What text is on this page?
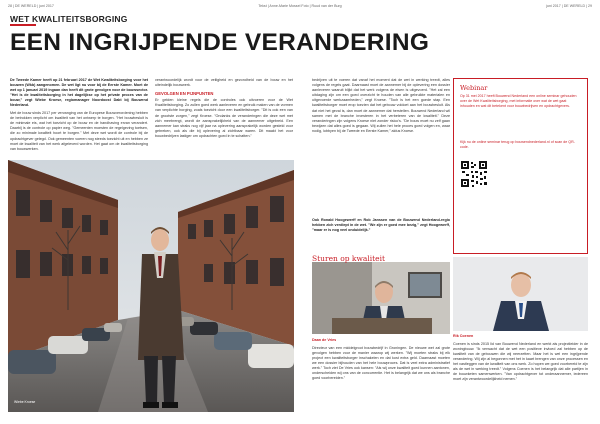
28 | DE WERELD | juni 2017	Tekst | Anne-Marie Mossel Foto | Ruud van der Burg	juni 2017 | DE WERELD | 29
WET KWALITEITSBORGING
EEN INGRIJPENDE VERANDERING

De Tweede Kamer heeft op 21 februari 2017 de Wet Kwaliteitsborging voor het bouwen (Wkb) aangenomen. De wet ligt nu voor bij de Eerste Kamer. Moet de wet op 1 januari 2019 ingaan dan heeft dit grote gevolgen voor de bouwsector. "Het is de kwaliteitsborging in het dagelijkse op het private proces van de bouw," zegt Wiebe Kroese, regiomanager Noordoost Dakt bij Bouwend Nederland.

Met de bouw sinds 2017 per vervanging van de Europese Bouwverordening hebben de betrokken verplicht om kwaliteit van het ontwerp te borgen. "Het bouwbesluit is de minimale eis, wat het toezicht op de bouw en de handhaving ervan verandert. Daarbij is de controle op papier weg. "Gemeenten moesten de regelgeving toetsen, die zo minimale kwaliteit hoort te borgen." Met deze wet wordt de controle bij de opdrachtgever gelegd. Ook gemeenten voeren nog steeds toezicht uit en hebben ze moet de kwaliteit van het werk afgeleverd worden. Het gaat om de kwaliteitsborging van bouwwerken.

verantwoordelijk wordt voor de veiligheid en gezondheid van de bouw en het uiteindelijk bouwwerk.

GEVOLGEN EN PIJNPUNTEN

Er gelden kleine regels die de controles ook uitvoeren voor de Wet Kwaliteitsborging. Zo zullen goed werk aanleveren en gebruik maken van de vormen van verplichte borging, zoals toezicht door een kwaliteitsborger. "Dit is ook een van de grootste zorgen," zegt Kroese. "Ondanks de veranderingen die deze wet met zich meebrengt, wordt de aansprakelijkheid van de aannemer uitgebreid. Een aannemer kan straks nog vijf jaar na oplevering aansprakelijk worden gesteld voor gebreken, ook als die bij oplevering al zichtbaar waren. Dit maakt het voor bouwbedrijven lastiger om opdrachten goed in te schatten."

bedrijven uit te voeren dat vanaf het moment dat de wet in werking treedt, alles volgens de regels gaat. Daarnaast moet de aannemer bij de oplevering een dossier aanleveren waaruit blijkt dat het werk volgens de eisen is uitgevoerd. "Het zal een uitdaging zijn om een goed overzicht te houden van alle gebruikte materialen en uitgevoerde werkzaamheden," zegt Kroese. "Toch is het een goede stap. Een kwaliteitsborger moet erop toezien dat het gebouw voldoet aan het bouwbesluit. Als dat niet het geval is, dan moet de aannemer dat herstellen. Bouwend Nederland wil samen met de branche investeren in het verbeteren van de kwaliteit." Deze veranderingen zijn volgens Kroese niet zonder risico's. "De bouw moet nu zelf gaan bewijzen dat alles goed is gegaan. Wij zullen het hele proces goed volgen en, waar nodig, lobbyen bij de Tweede en Eerste Kamer," aldus Kroese.

Wiebe Kroese
Webinar
Op 31 mei 2017 heeft Bouwend Nederland een online seminar gehouden over de Wet Kwaliteitsborging, met informatie over wat de wet gaat inhouden en wat dit betekent voor bouwbedrijven en opdrachtgevers.
Kijk nu de online seminar terug op bouwendnederland.nl of scan de QR-code.
Sturen op kwaliteit

Daan de Vries

Directeur van een middelgroot bouwbedrijf in Groningen. De nieuwe wet zal grote gevolgen hebben voor de manier waarop wij werken. "Wij moeten straks bij elk project een kwaliteitsborger inschakelen en dat kost extra geld. Daarnaast moeten we een dossier bijhouden van het hele bouwproces. Dat is veel extra administratief werk." Toch ziet De Vries ook kansen: "Als wij onze kwaliteit goed kunnen aantonen, onderscheiden wij ons van de concurrentie. Het is belangrijk dat we ons als branche goed voorbereiden."

Ook Ronald Hoogewerff en Rob Janssen van de Bouwend Nederland-regio hebben zich verdiept in de wet. "We zijn er goed mee bezig," zegt Hoogewerff, "maar er is nog veel onduidelijk."

Rik Coenen

Coenen is sinds 2015 lid van Bouwend Nederland en werkt als projectleider in de woningbouw. "Ik verwacht dat de wet een positieve invloed zal hebben op de kwaliteit van de gebouwen die wij neerzetten. Maar het is wel een ingrijpende verandering. Wij zijn al begonnen met het in kaart brengen van onze processen en het vastleggen van de kwaliteit van ons werk. Zo hopen we goed voorbereid te zijn als de wet in werking treedt." Volgens Coenen is het belangrijk dat alle partijen in de bouwketen samenwerken. "Van opdrachtgever tot onderaannemer, iedereen moet zijn verantwoordelijkheid nemen."
